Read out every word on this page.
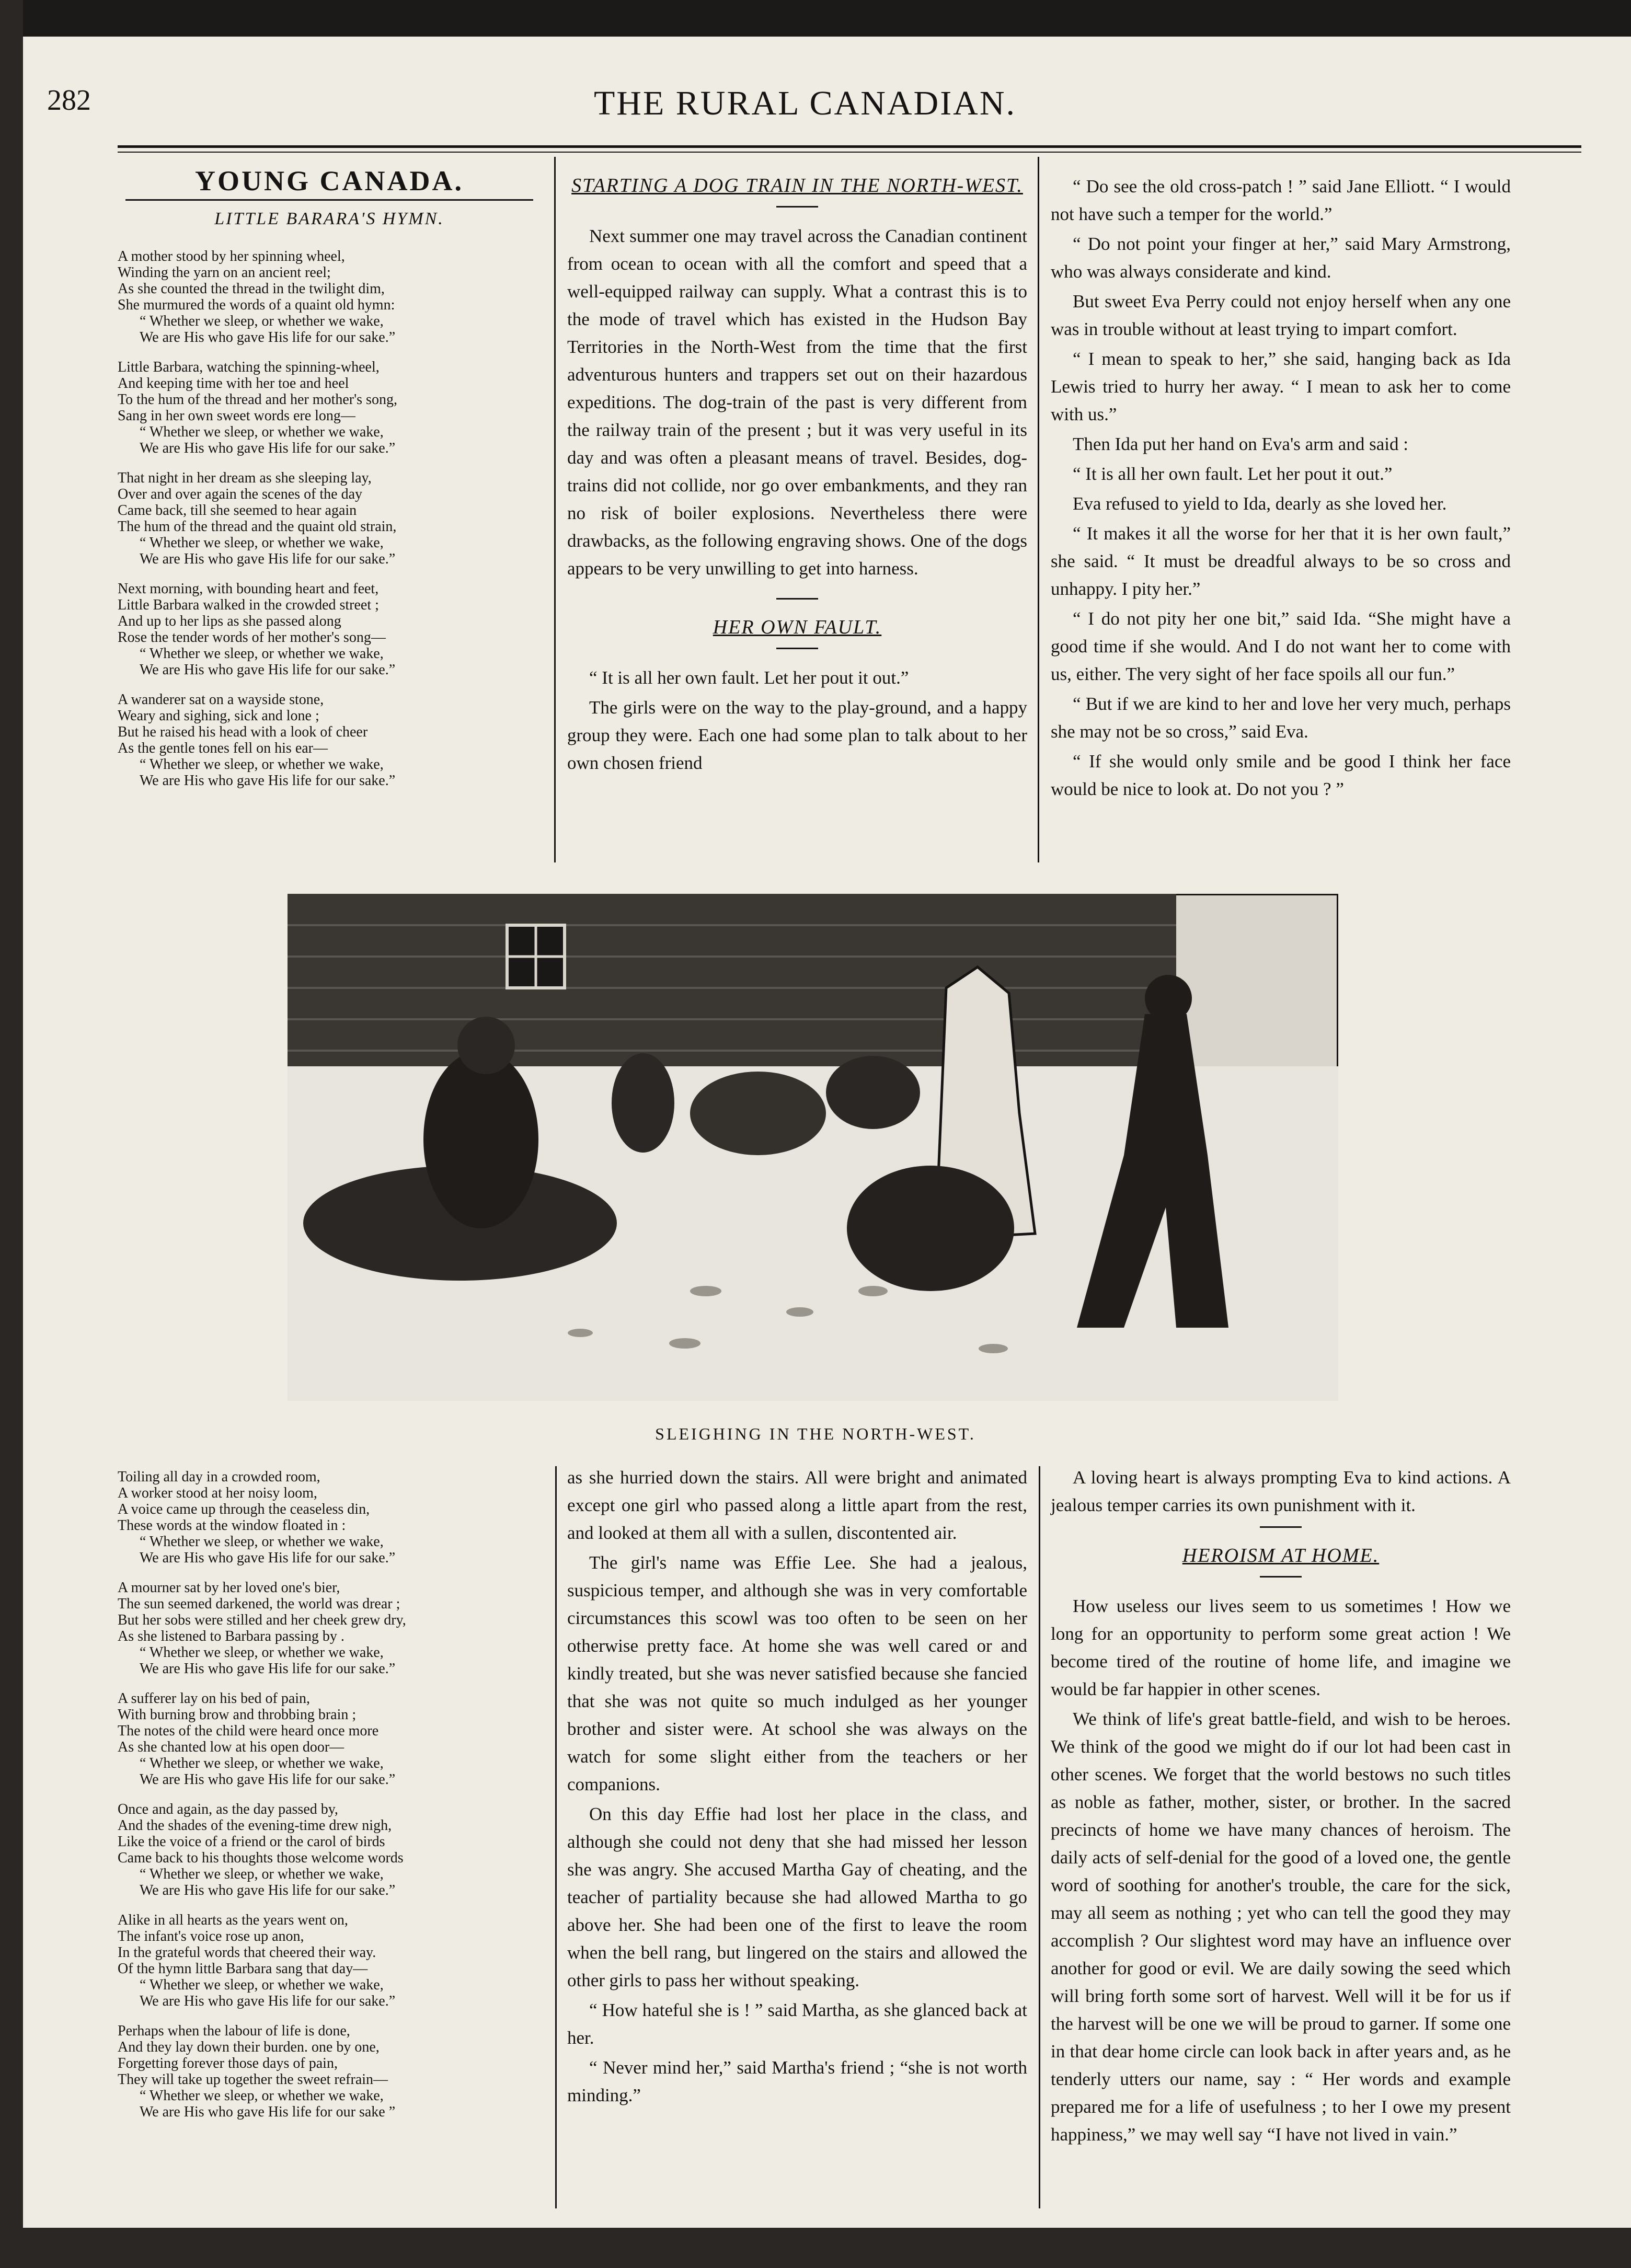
282	THE RURAL CANADIAN.
YOUNG CANADA.
LITTLE BARARA'S HYMN.
A mother stood by her spinning wheel,
Winding the yarn on an ancient reel;
As she counted the thread in the twilight dim,
She murmured the words of a quaint old hymn:
“ Whether we sleep, or whether we wake,
We are His who gave His life for our sake.”
Little Barbara, watching the spinning-wheel,
And keeping time with her toe and heel
To the hum of the thread and her mother's song,
Sang in her own sweet words ere long—
“ Whether we sleep, or whether we wake,
We are His who gave His life for our sake.”
That night in her dream as she sleeping lay,
Over and over again the scenes of the day
Came back, till she seemed to hear again
The hum of the thread and the quaint old strain,
“ Whether we sleep, or whether we wake,
We are His who gave His life for our sake.”
Next morning, with bounding heart and feet,
Little Barbara walked in the crowded street ;
And up to her lips as she passed along
Rose the tender words of her mother's song—
“ Whether we sleep, or whether we wake,
We are His who gave His life for our sake.”
A wanderer sat on a wayside stone,
Weary and sighing, sick and lone ;
But he raised his head with a look of cheer
As the gentle tones fell on his ear—
“ Whether we sleep, or whether we wake,
We are His who gave His life for our sake.”
STARTING A DOG TRAIN IN THE NORTH-WEST.

Next summer one may travel across the Canadian continent from ocean to ocean with all the comfort and speed that a well-equipped railway can supply. What a contrast this is to the mode of travel which has existed in the Hudson Bay Territories in the North-West from the time that the first adventurous hunters and trappers set out on their hazardous expeditions. The dog-train of the past is very different from the railway train of the present ; but it was very useful in its day and was often a pleasant means of travel. Besides, dog-trains did not collide, nor go over embankments, and they ran no risk of boiler explosions. Nevertheless there were drawbacks, as the following engraving shows. One of the dogs appears to be very unwilling to get into harness.

HER OWN FAULT.

“ It is all her own fault. Let her pout it out.”

The girls were on the way to the play-ground, and a happy group they were. Each one had some plan to talk about to her own chosen friend

“ Do see the old cross-patch ! ” said Jane Elliott. “ I would not have such a temper for the world.”

“ Do not point your finger at her,” said Mary Armstrong, who was always considerate and kind.

But sweet Eva Perry could not enjoy herself when any one was in trouble without at least trying to impart comfort.

“ I mean to speak to her,” she said, hanging back as Ida Lewis tried to hurry her away. “ I mean to ask her to come with us.”

Then Ida put her hand on Eva's arm and said :

“ It is all her own fault. Let her pout it out.”

Eva refused to yield to Ida, dearly as she loved her.

“ It makes it all the worse for her that it is her own fault,” she said. “ It must be dreadful always to be so cross and unhappy. I pity her.”

“ I do not pity her one bit,” said Ida. “She might have a good time if she would. And I do not want her to come with us, either. The very sight of her face spoils all our fun.”

“ But if we are kind to her and love her very much, perhaps she may not be so cross,” said Eva.

“ If she would only smile and be good I think her face would be nice to look at. Do not you ? ”

SLEIGHING IN THE NORTH-WEST.
Toiling all day in a crowded room,
A worker stood at her noisy loom,
A voice came up through the ceaseless din,
These words at the window floated in :
“ Whether we sleep, or whether we wake,
We are His who gave His life for our sake.”
A mourner sat by her loved one's bier,
The sun seemed darkened, the world was drear ;
But her sobs were stilled and her cheek grew dry,
As she listened to Barbara passing by .
“ Whether we sleep, or whether we wake,
We are His who gave His life for our sake.”
A sufferer lay on his bed of pain,
With burning brow and throbbing brain ;
The notes of the child were heard once more
As she chanted low at his open door—
“ Whether we sleep, or whether we wake,
We are His who gave His life for our sake.”
Once and again, as the day passed by,
And the shades of the evening-time drew nigh,
Like the voice of a friend or the carol of birds
Came back to his thoughts those welcome words
“ Whether we sleep, or whether we wake,
We are His who gave His life for our sake.”
Alike in all hearts as the years went on,
The infant's voice rose up anon,
In the grateful words that cheered their way.
Of the hymn little Barbara sang that day—
“ Whether we sleep, or whether we wake,
We are His who gave His life for our sake.”
Perhaps when the labour of life is done,
And they lay down their burden. one by one,
Forgetting forever those days of pain,
They will take up together the sweet refrain—
“ Whether we sleep, or whether we wake,
We are His who gave His life for our sake ”

as she hurried down the stairs. All were bright and animated except one girl who passed along a little apart from the rest, and looked at them all with a sullen, discontented air.

The girl's name was Effie Lee. She had a jealous, suspicious temper, and although she was in very comfortable circumstances this scowl was too often to be seen on her otherwise pretty face. At home she was well cared or and kindly treated, but she was never satisfied because she fancied that she was not quite so much indulged as her younger brother and sister were. At school she was always on the watch for some slight either from the teachers or her companions.

On this day Effie had lost her place in the class, and although she could not deny that she had missed her lesson she was angry. She accused Martha Gay of cheating, and the teacher of partiality because she had allowed Martha to go above her. She had been one of the first to leave the room when the bell rang, but lingered on the stairs and allowed the other girls to pass her without speaking.

“ How hateful she is ! ” said Martha, as she glanced back at her.

“ Never mind her,” said Martha's friend ; “she is not worth minding.”

A loving heart is always prompting Eva to kind actions. A jealous temper carries its own punishment with it.

HEROISM AT HOME.

How useless our lives seem to us sometimes ! How we long for an opportunity to perform some great action ! We become tired of the routine of home life, and imagine we would be far happier in other scenes.

We think of life's great battle-field, and wish to be heroes. We think of the good we might do if our lot had been cast in other scenes. We forget that the world bestows no such titles as noble as father, mother, sister, or brother. In the sacred precincts of home we have many chances of heroism. The daily acts of self-denial for the good of a loved one, the gentle word of soothing for another's trouble, the care for the sick, may all seem as nothing ; yet who can tell the good they may accomplish ? Our slightest word may have an influence over another for good or evil. We are daily sowing the seed which will bring forth some sort of harvest. Well will it be for us if the harvest will be one we will be proud to garner. If some one in that dear home circle can look back in after years and, as he tenderly utters our name, say : “ Her words and example prepared me for a life of usefulness ; to her I owe my present happiness,” we may well say “I have not lived in vain.”
